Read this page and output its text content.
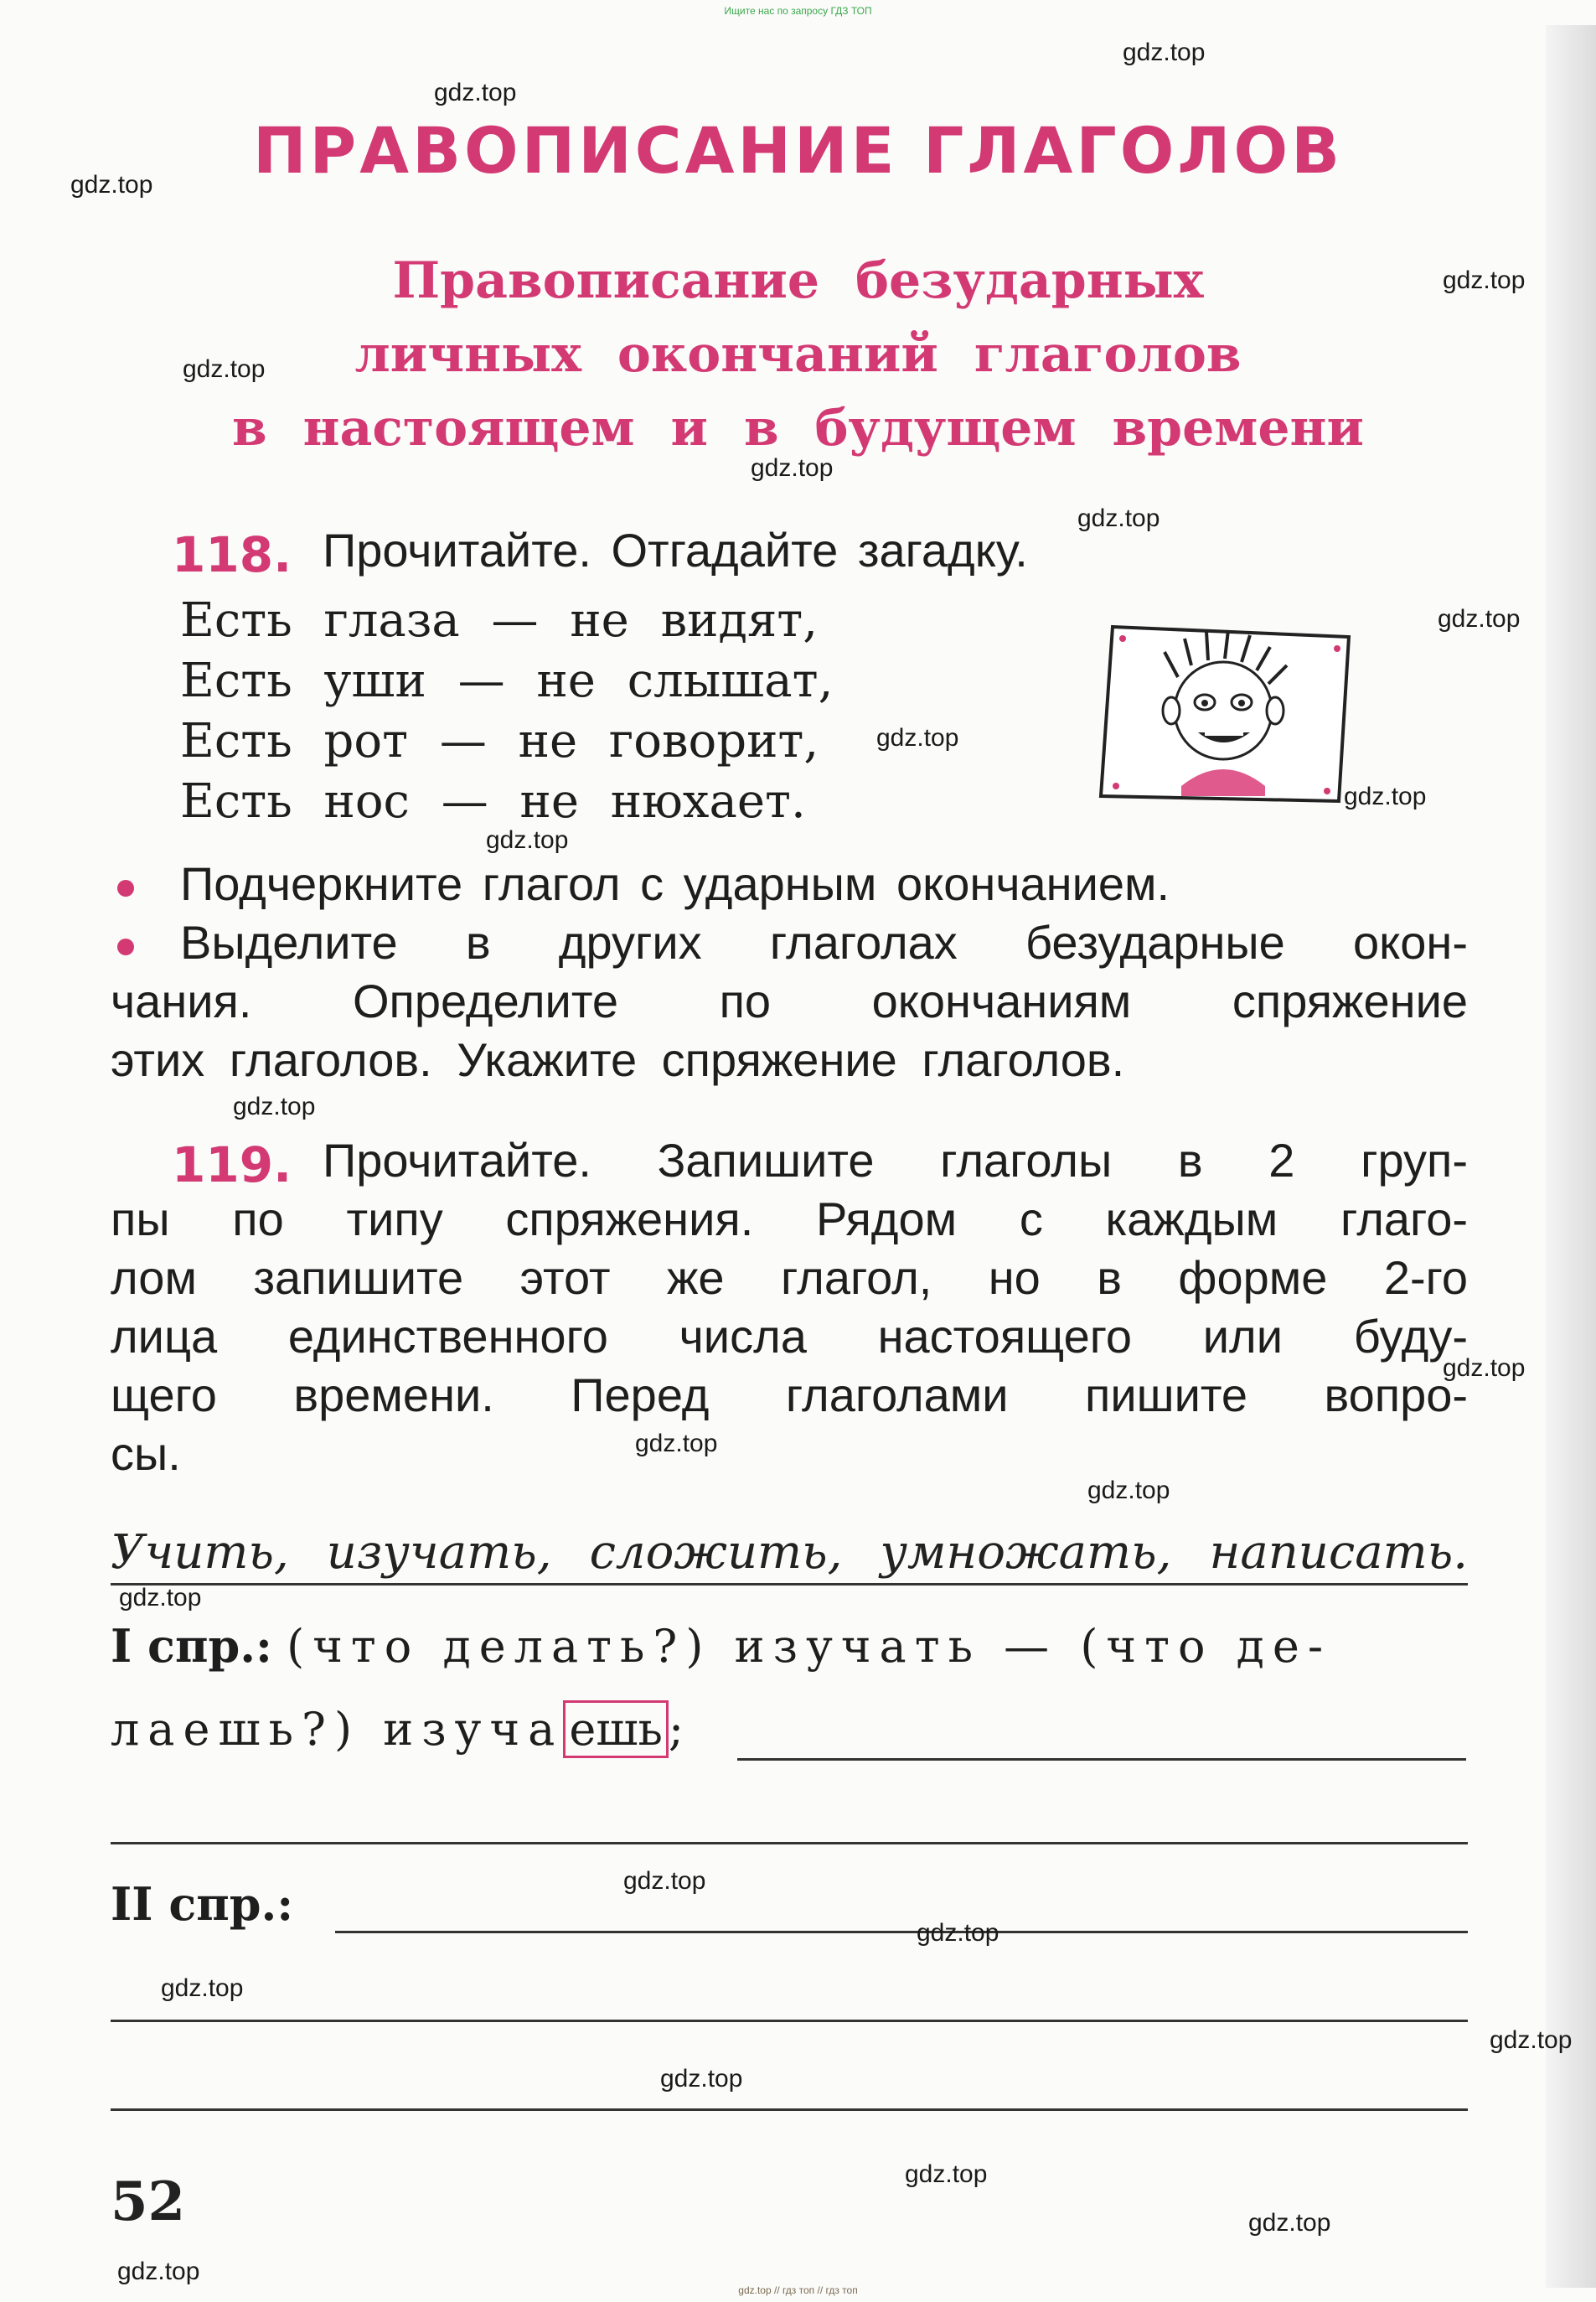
Ищите нас по запросу ГДЗ ТОП
ПРАВОПИСАНИЕ ГЛАГОЛОВ
Правописание безударных
личных окончаний глаголов
в настоящем и в будущем времени
118. Прочитайте. Отгадайте загадку.
Есть глаза — не видят,
Есть уши — не слышат,
Есть рот — не говорит,
Есть нос — не нюхает.
Подчеркните глагол с ударным окончанием.
Выделите в других глаголах безударные окон-
чания. Определите по окончаниям спряжение
этих глаголов. Укажите спряжение глаголов.
119. Прочитайте. Запишите глаголы в 2 груп-
пы по типу спряжения. Рядом с каждым глаго-
лом запишите этот же глагол, но в форме 2-го
лица единственного числа настоящего или буду-
щего времени. Перед глаголами пишите вопро-
сы.
Учить, изучать, сложить, умножать, написать.
I спр.: (что делать?) изучать — (что де-
лаешь?) изуча ешь ;
II спр.:
52
gdz.top
gdz.top
gdz.top
gdz.top
gdz.top
gdz.top
gdz.top
gdz.top
gdz.top
gdz.top
gdz.top
gdz.top
gdz.top
gdz.top
gdz.top
gdz.top
gdz.top
gdz.top
gdz.top
gdz.top
gdz.top
gdz.top
gdz.top
gdz.top
gdz.top // гдз топ // гдз топ
